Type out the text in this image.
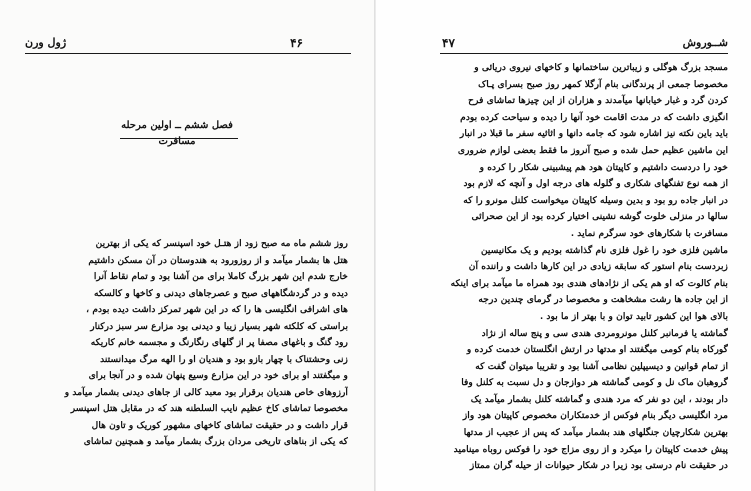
ژول ورن	۴۶
فصل ششم ــ اولین مرحله مسافرت
روز ششم ماه مه صبح زود از هتـل خود اسپنسر که یکی از بهترین
هتل ها بشمار میآمد و از روزورود به هندوستان در آن مسکن داشتیم
خارج شدم این شهر بزرگ کاملا برای من آشنا بود و تمام نقاط آنرا
دیده و در گردشگاههای صبح و عصرجاهای دیدنی و کاخها و کالسکه
های اشرافی انگلیسی ها را که در این شهر تمرکز داشت دیده بودم ،
براستی که کلکته شهر بسیار زیبا و دیدنی بود مزارع سر سبز درکنار
رود گنگ و باغهای مصفا پر از گلهای رنگارنگ و مجسمه خانم کاریکه
زنی وحشتناک با چهار بازو بود و هندیان او را الهه مرگ میدانستند
و میگفتند او برای خود در این مزارع وسیع پنهان شده و در آنجا برای
آرزوهای خاص هندیان برقرار بود معبد کالی از جاهای دیدنی بشمار میآمد و
مخصوصا تماشای کاخ عظیم نایب السلطنه هند که در مقابل هتل اسپنسر
قرار داشت و در حقیقت تماشای کاخهای مشهور کوریک و تاون هال
که یکی از بناهای تاریخی مردان بزرگ بشمار میآمد و همچنین تماشای
۴۷	شــوروش
مسجد بزرگ هوگلی و زیباترین ساختمانها و کاخهای نیروی دریائی و
مخصوصا جمعی از پرندگانی بنام آرگلا کمهر روز صبح بسرای پـاک
کردن گرد و غبار خیابانها میآمدند و هزاران از این چیزها تماشای فرح
انگیزی داشت که در مدت اقامت خود آنها را دیده و سیاحت کرده بودم
باید باین نکته نیز اشاره شود که جامه دانها و اثاثیه سفر ما قبلا در انبار
این ماشین عظیم حمل شده و صبح آنروز ما فقط بعضی لوازم ضروری
خود را دردست داشتیم و کاپیتان هود هم پیشبینی شکار را کرده و
از همه نوع تفنگهای شکاری و گلوله های درجه اول و آنچه که لازم بود
در انبار جاده رو بود و بدین وسیله کاپیتان میخواست کلنل مونرو را که
سالها در منزلی خلوت گوشه نشینی اختیار کرده بود از این صحرائی
مسافرت با شکارهای خود سرگرم نماید .
ماشین فلزی خود را غول فلزی نام گذاشته بودیم و یک مکانیسین
زبردست بنام استور که سابقه زیادی در این کارها داشت و راننده آن
بنام کالوت که او هم یکی از نژادهای هندی بود همراه ما میآمد برای اینکه
از این جاده ها رشت مشخاهت و مخصوصا در گرمای چندین درجه
بالای هوا این کشور تابید توان و با بهتر از ما بود .
گماشته یا فرمانبر کلنل مونرومردی هندی سی و پنج ساله از نژاد
گورکاه بنام کومی میگفتند او مدتها در ارتش انگلستان خدمت کرده و
از تمام قوانین و دیسیپلین نظامی آشنا بود و تقریبا میتوان گفت که
گروهبان ماک نل و کومی گماشته هر دوازجان و دل نسبت به کلنل وفا
دار بودند ، این دو نفر که مرد هندی و گماشته کلنل بشمار میآمد یک
مرد انگلیسی دیگر بنام فوکس از خدمتکاران مخصوص کاپیتان هود واز
بهترین شکارچیان جنگلهای هند بشمار میآمد که پس از عجیب از مدتها
پیش خدمت کاپیتان را میکرد و از روی مزاج خود را فوکس روباه مینامید
در حقیقت نام درستی بود زیرا در شکار حیوانات از حیله گران ممتاز
